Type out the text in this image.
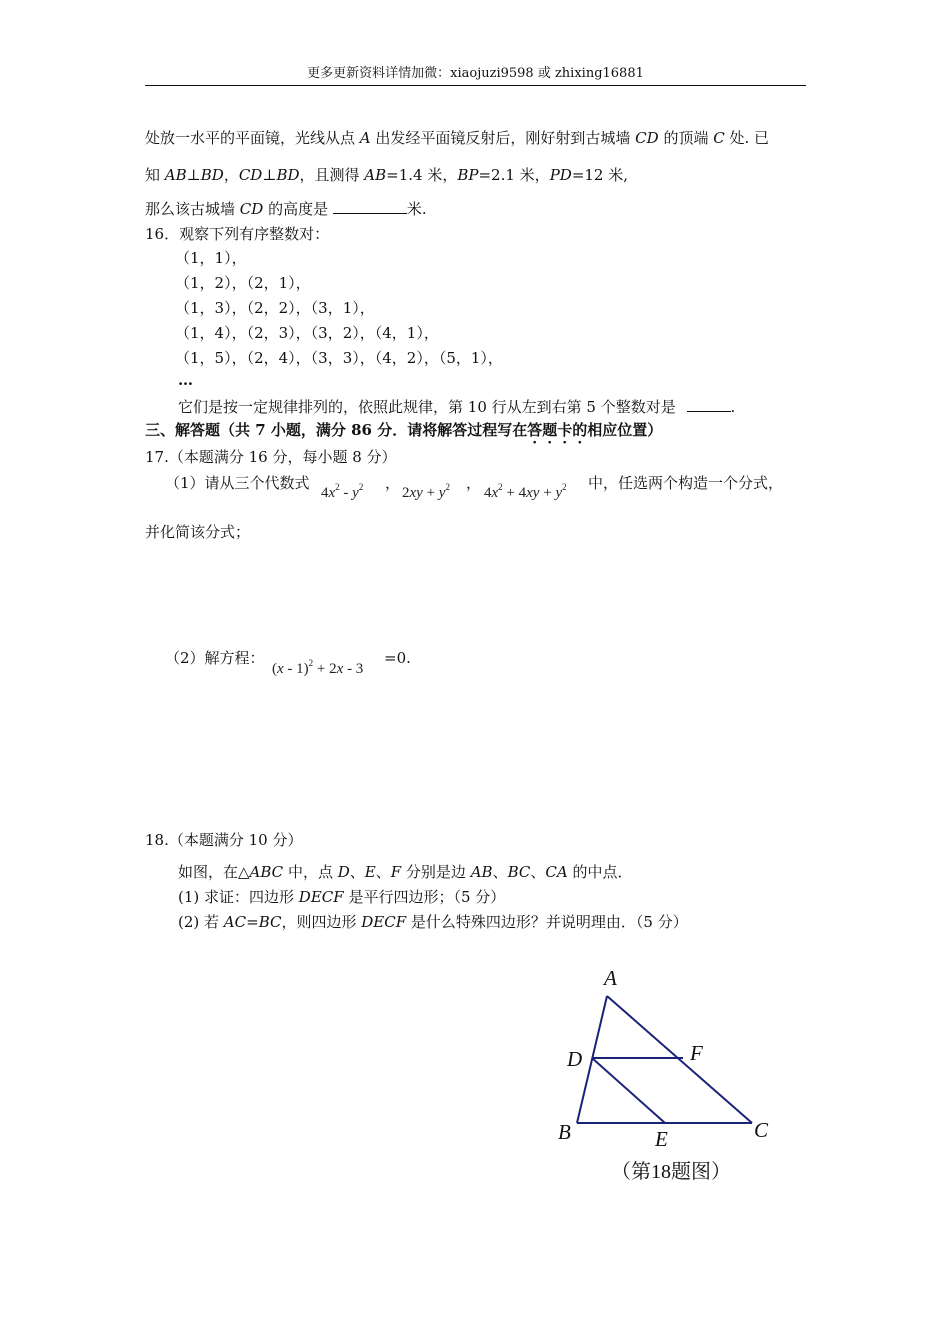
更多更新资料详情加微：xiaojuzi9598 或 zhixing16881
处放一水平的平面镜，光线从点 A 出发经平面镜反射后，刚好射到古城墙 CD 的顶端 C 处. 已
知 AB⊥BD，CD⊥BD，且测得 AB=1.4 米，BP=2.1 米，PD=12 米,
那么该古城墙 CD 的高度是	米.
16．观察下列有序整数对：
（1，1），
（1，2），（2，1），
（1，3），（2，2），（3，1），
（1，4），（2，3），（3，2），（4，1），
（1，5），（2，4），（3，3），（4，2），（5，1），
…
它们是按一定规律排列的，依照此规律，第 10 行从左到右第 5 个整数对是	.
三、解答题（共 7 小题，满分 86 分．请将解答过程写在答题卡的相应位置）
17.（本题满分 16 分，每小题 8 分）
（1）请从三个代数式
$4x^2 - y^2$ ，
$2xy + y^2$ ，
$4x^2 + 4xy + y^2$ 中，任选两个构造一个分式，
并化简该分式；
（2）解方程：
(x - 1)$^2$ + 2x - 3
=0.
18.（本题满分 10 分）
如图，在△ABC 中，点 D、E、F 分别是边 AB、BC、CA 的中点．
(1) 求证：四边形 DECF 是平行四边形；（5 分）
(2) 若 AC=BC，则四边形 DECF 是什么特殊四边形？并说明理由．（5 分）
A
D	F
B	E	C
（第18题图）
